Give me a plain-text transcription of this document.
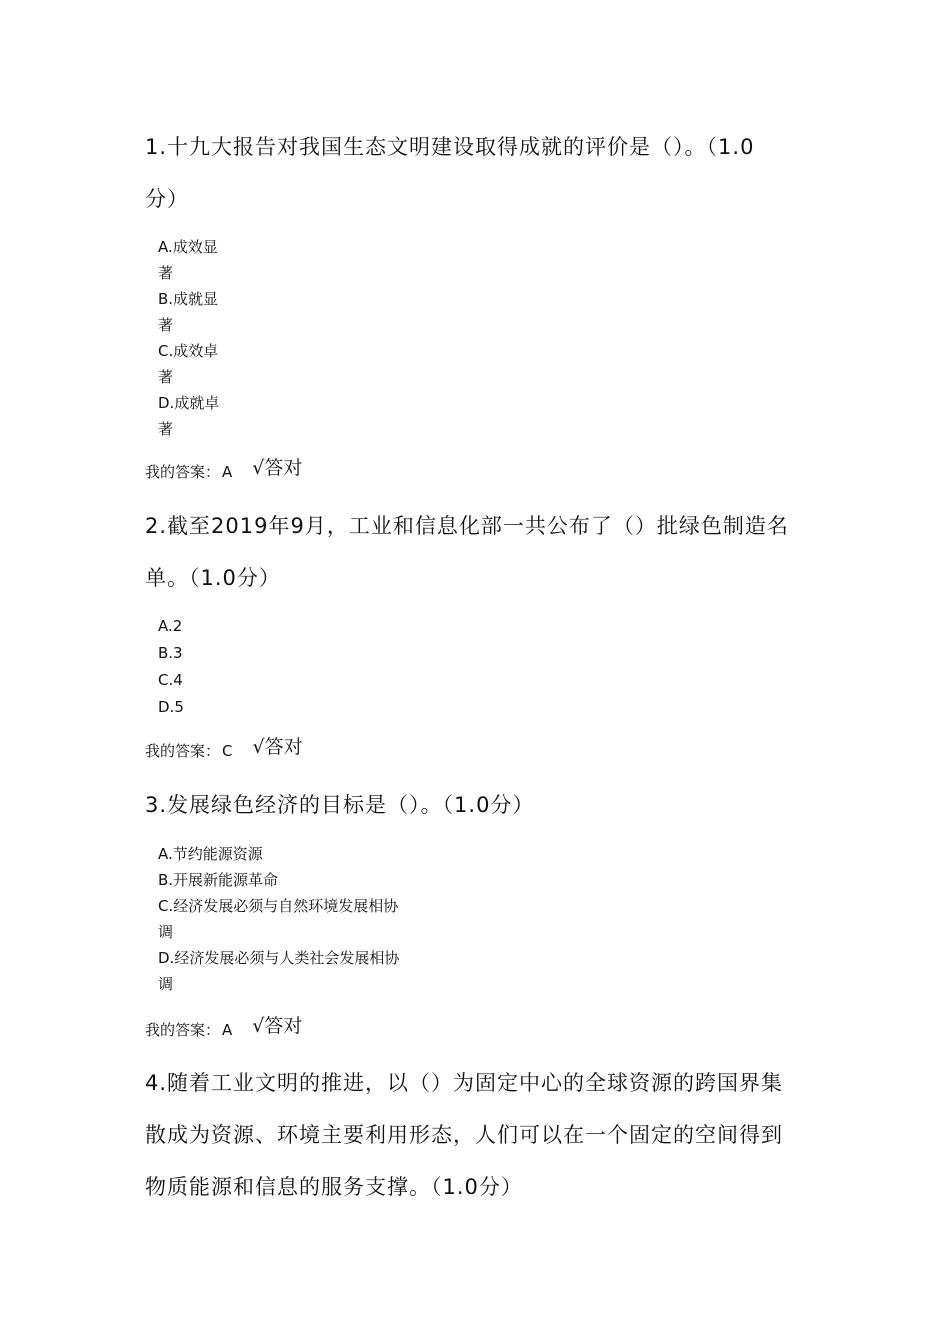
1.十九大报告对我国生态文明建设取得成就的评价是（）。（1.0
分）

A.成效显
著
B.成就显
著
C.成效卓
著
D.成就卓
著
我的答案： A √答对

2.截至2019年9月，工业和信息化部一共公布了（）批绿色制造名
单。（1.0分）

A.2
B.3
C.4
D.5
我的答案： C √答对

3.发展绿色经济的目标是（）。（1.0分）

A.节约能源资源
B.开展新能源革命
C.经济发展必须与自然环境发展相协
调
D.经济发展必须与人类社会发展相协
调
我的答案： A √答对

4.随着工业文明的推进，以（）为固定中心的全球资源的跨国界集
散成为资源、环境主要利用形态，人们可以在一个固定的空间得到
物质能源和信息的服务支撑。（1.0分）
